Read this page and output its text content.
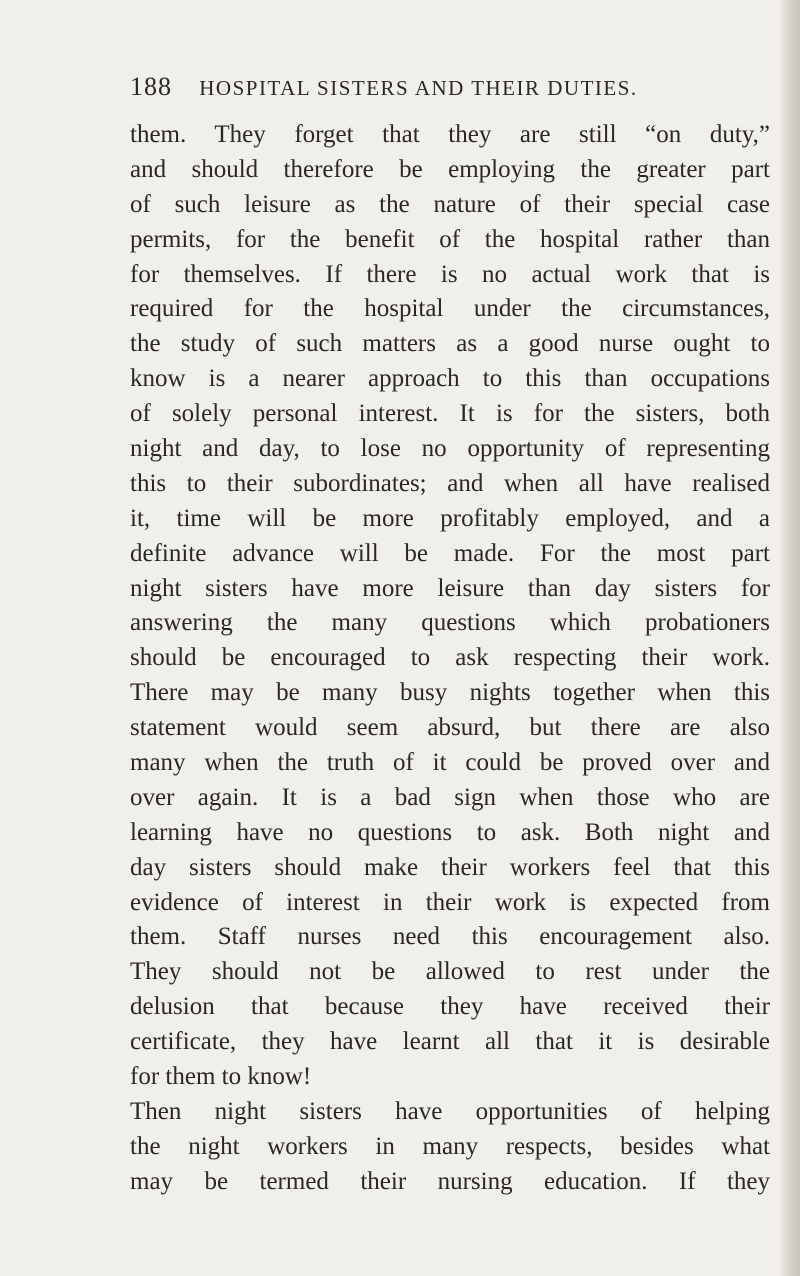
188 HOSPITAL SISTERS AND THEIR DUTIES.
them. They forget that they are still “on duty,”
and should therefore be employing the greater part
of such leisure as the nature of their special case
permits, for the benefit of the hospital rather than
for themselves. If there is no actual work that is
required for the hospital under the circumstances,
the study of such matters as a good nurse ought to
know is a nearer approach to this than occupations
of solely personal interest. It is for the sisters, both
night and day, to lose no opportunity of representing
this to their subordinates; and when all have realised
it, time will be more profitably employed, and a
definite advance will be made. For the most part
night sisters have more leisure than day sisters for
answering the many questions which probationers
should be encouraged to ask respecting their work.
There may be many busy nights together when this
statement would seem absurd, but there are also
many when the truth of it could be proved over and
over again. It is a bad sign when those who are
learning have no questions to ask. Both night and
day sisters should make their workers feel that this
evidence of interest in their work is expected from
them. Staff nurses need this encouragement also.
They should not be allowed to rest under the
delusion that because they have received their
certificate, they have learnt all that it is desirable
for them to know!
Then night sisters have opportunities of helping
the night workers in many respects, besides what
may be termed their nursing education. If they
